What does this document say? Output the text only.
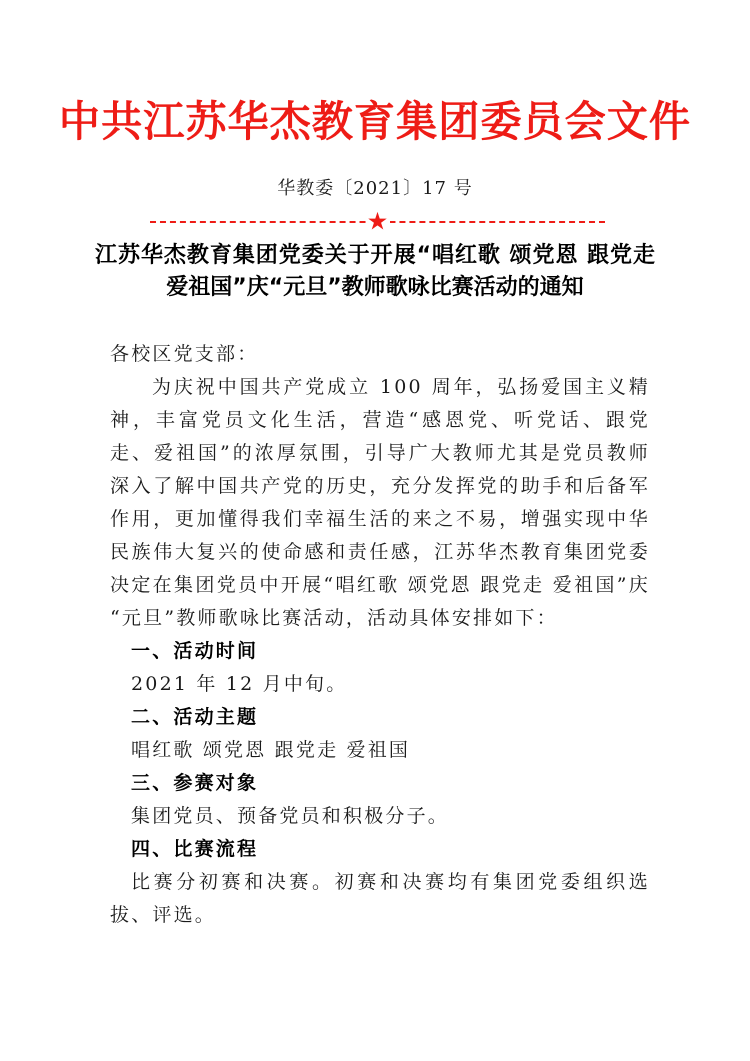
中共江苏华杰教育集团委员会文件
华教委〔2021〕17 号
★
江苏华杰教育集团党委关于开展“唱红歌 颂党恩 跟党走 爱祖国”庆“元旦”教师歌咏比赛活动的通知

各校区党支部：

为庆祝中国共产党成立 100 周年，弘扬爱国主义精神，丰富党员文化生活，营造“感恩党、听党话、跟党走、爱祖国”的浓厚氛围，引导广大教师尤其是党员教师深入了解中国共产党的历史，充分发挥党的助手和后备军作用，更加懂得我们幸福生活的来之不易，增强实现中华民族伟大复兴的使命感和责任感，江苏华杰教育集团党委决定在集团党员中开展“唱红歌 颂党恩 跟党走 爱祖国”庆“元旦”教师歌咏比赛活动，活动具体安排如下：

一、活动时间

2021 年 12 月中旬。

二、活动主题

唱红歌 颂党恩 跟党走 爱祖国

三、参赛对象

集团党员、预备党员和积极分子。

四、比赛流程

比赛分初赛和决赛。初赛和决赛均有集团党委组织选拔、评选。
